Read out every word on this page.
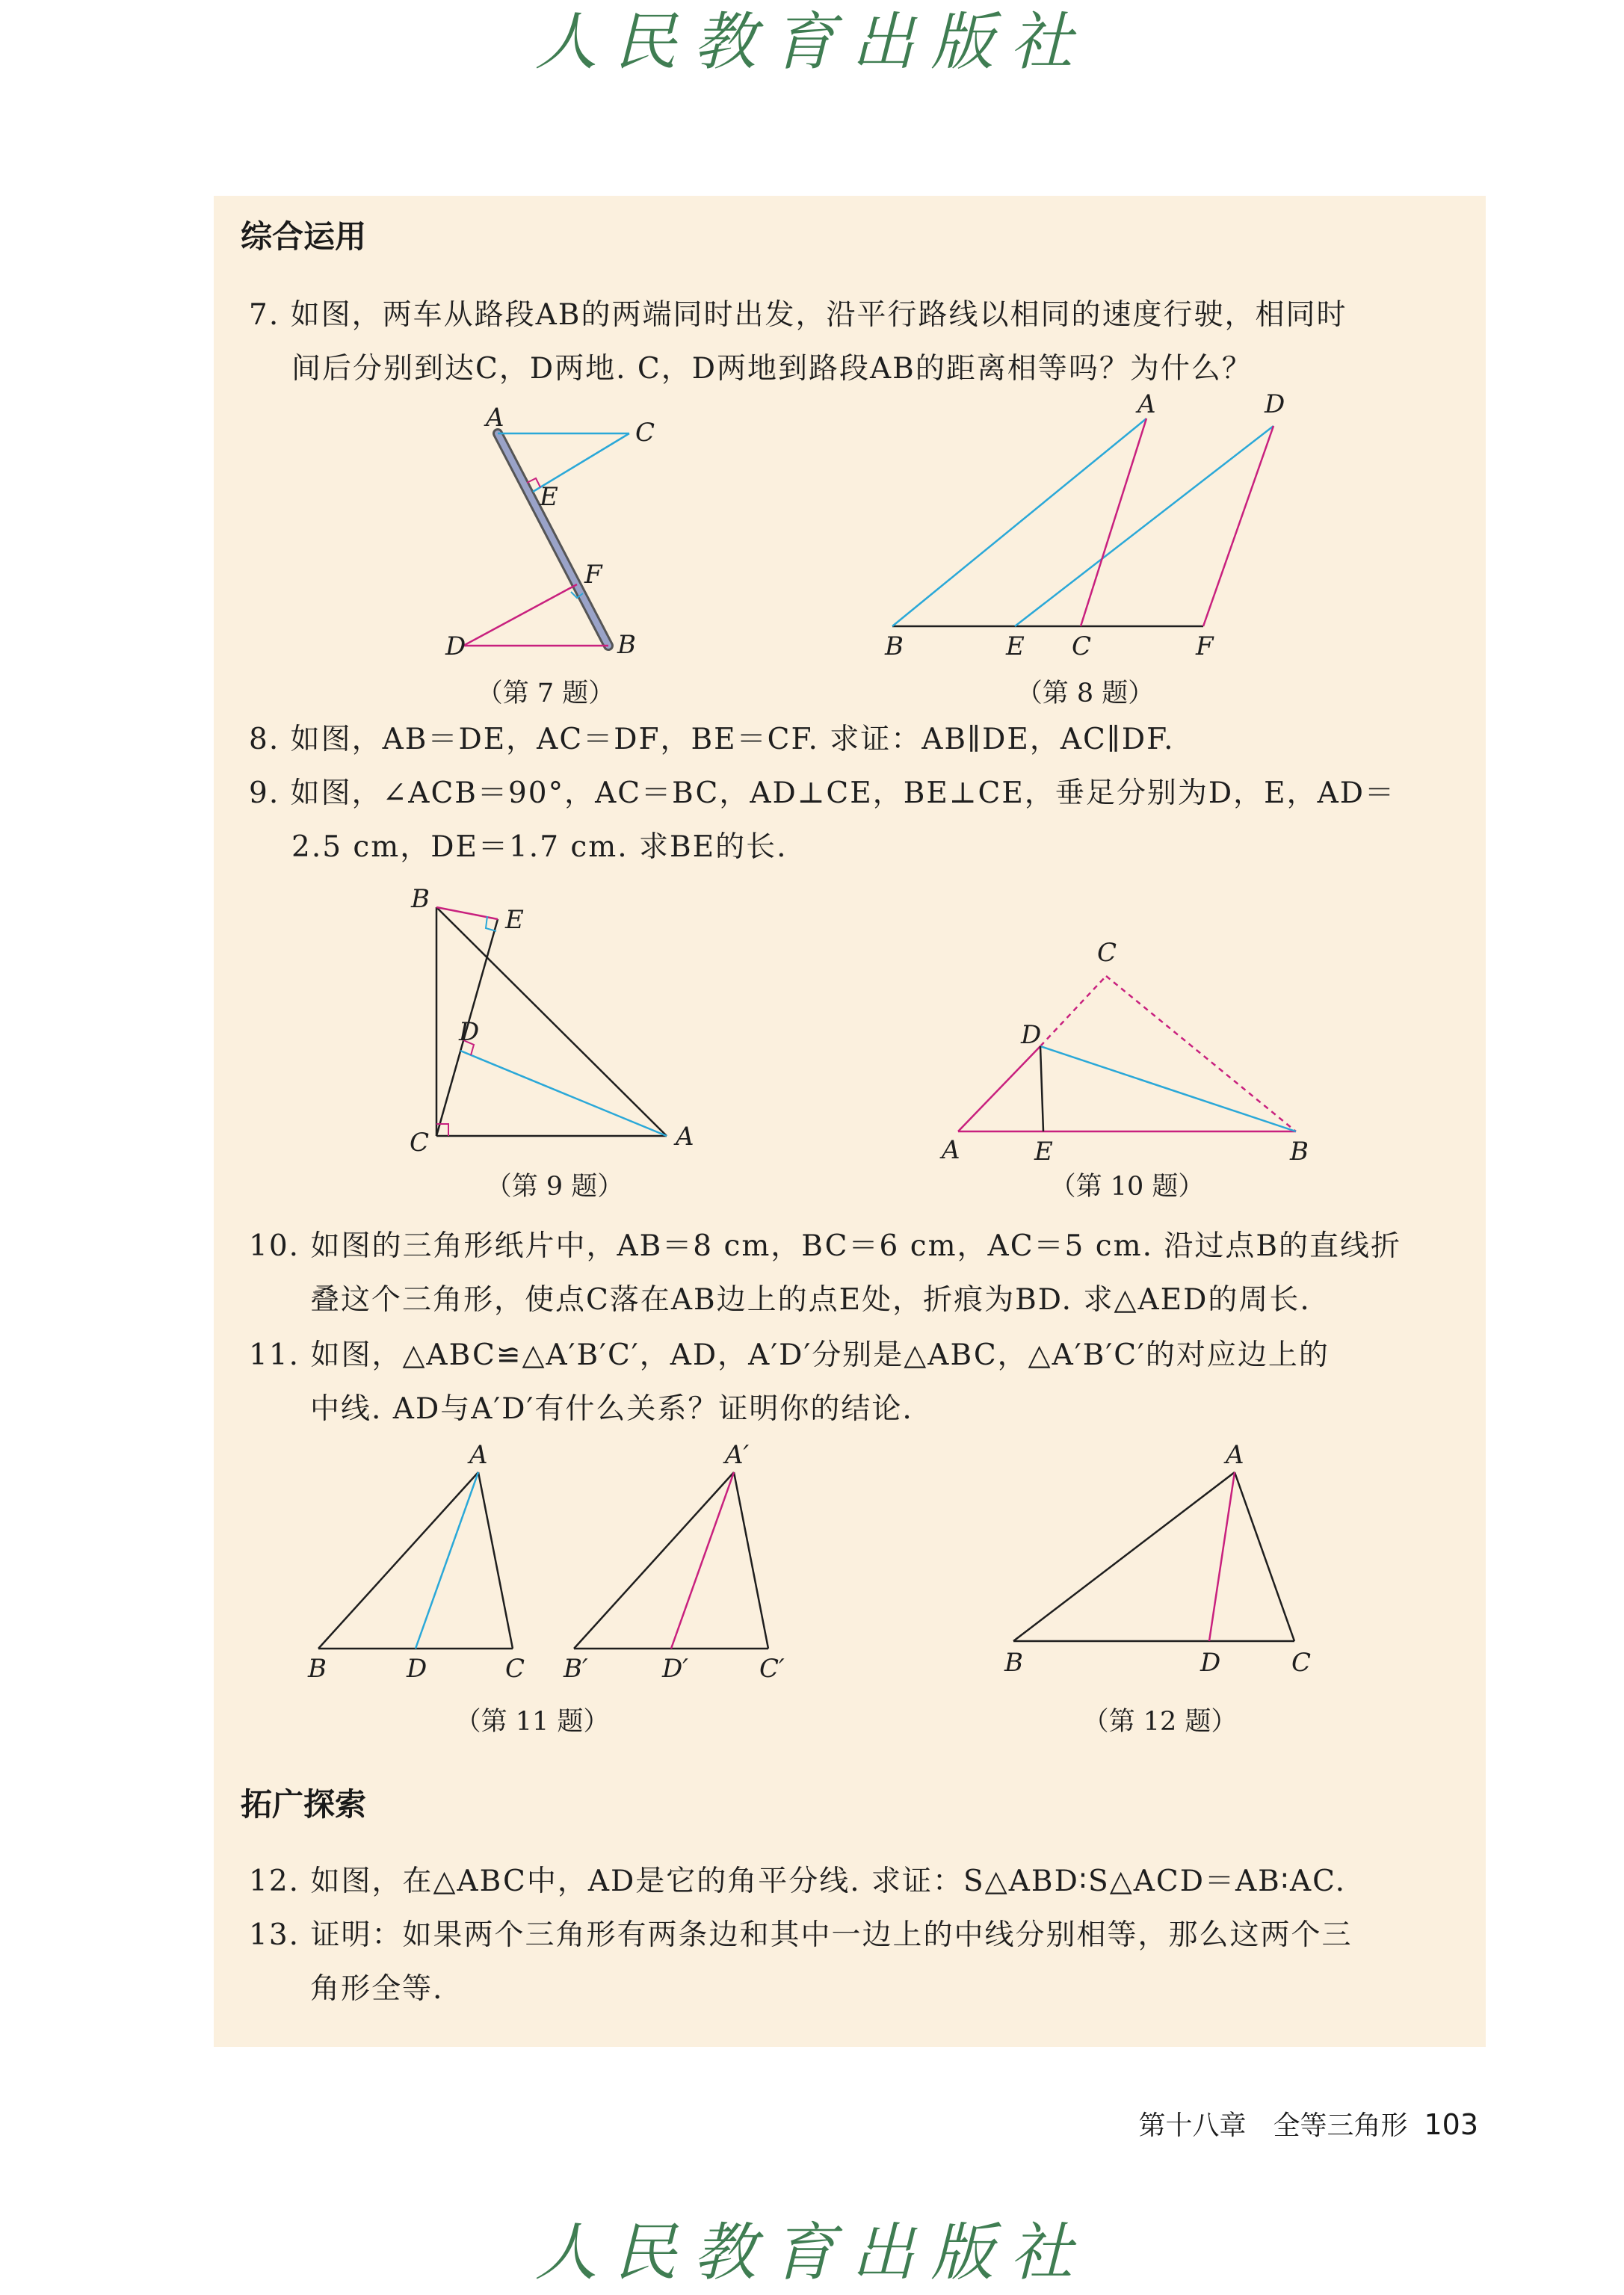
人民教育出版社
综合运用
7. 如图，两车从路段AB的两端同时出发，沿平行路线以相同的速度行驶，相同时
间后分别到达C，D两地. C，D两地到路段AB的距离相等吗？为什么？
A	C
E
F
D	B
（第 7 题）
A	D
B	E C	F
（第 8 题）
8. 如图，AB＝DE，AC＝DF，BE＝CF. 求证：AB∥DE，AC∥DF.
9. 如图，∠ACB＝90°，AC＝BC，AD⊥CE，BE⊥CE，垂足分别为D，E，AD＝
2.5 cm，DE＝1.7 cm. 求BE的长.
B
E
D
C	A
（第 9 题）
C
D
A	E	B
（第 10 题）
10. 如图的三角形纸片中，AB＝8 cm，BC＝6 cm，AC＝5 cm. 沿过点B的直线折
叠这个三角形，使点C落在AB边上的点E处，折痕为BD. 求△AED的周长.
11. 如图，△ABC≌△A′B′C′，AD，A′D′分别是△ABC，△A′B′C′的对应边上的
中线. AD与A′D′有什么关系？证明你的结论.
A
B	D	C
A′
B′	D′	C′
（第 11 题）
A
B	D	C
（第 12 题）
拓广探索
12. 如图，在△ABC中，AD是它的角平分线. 求证：S△ABD∶S△ACD＝AB∶AC.
13. 证明：如果两个三角形有两条边和其中一边上的中线分别相等，那么这两个三
角形全等.
第十八章　全等三角形 103
人民教育出版社
